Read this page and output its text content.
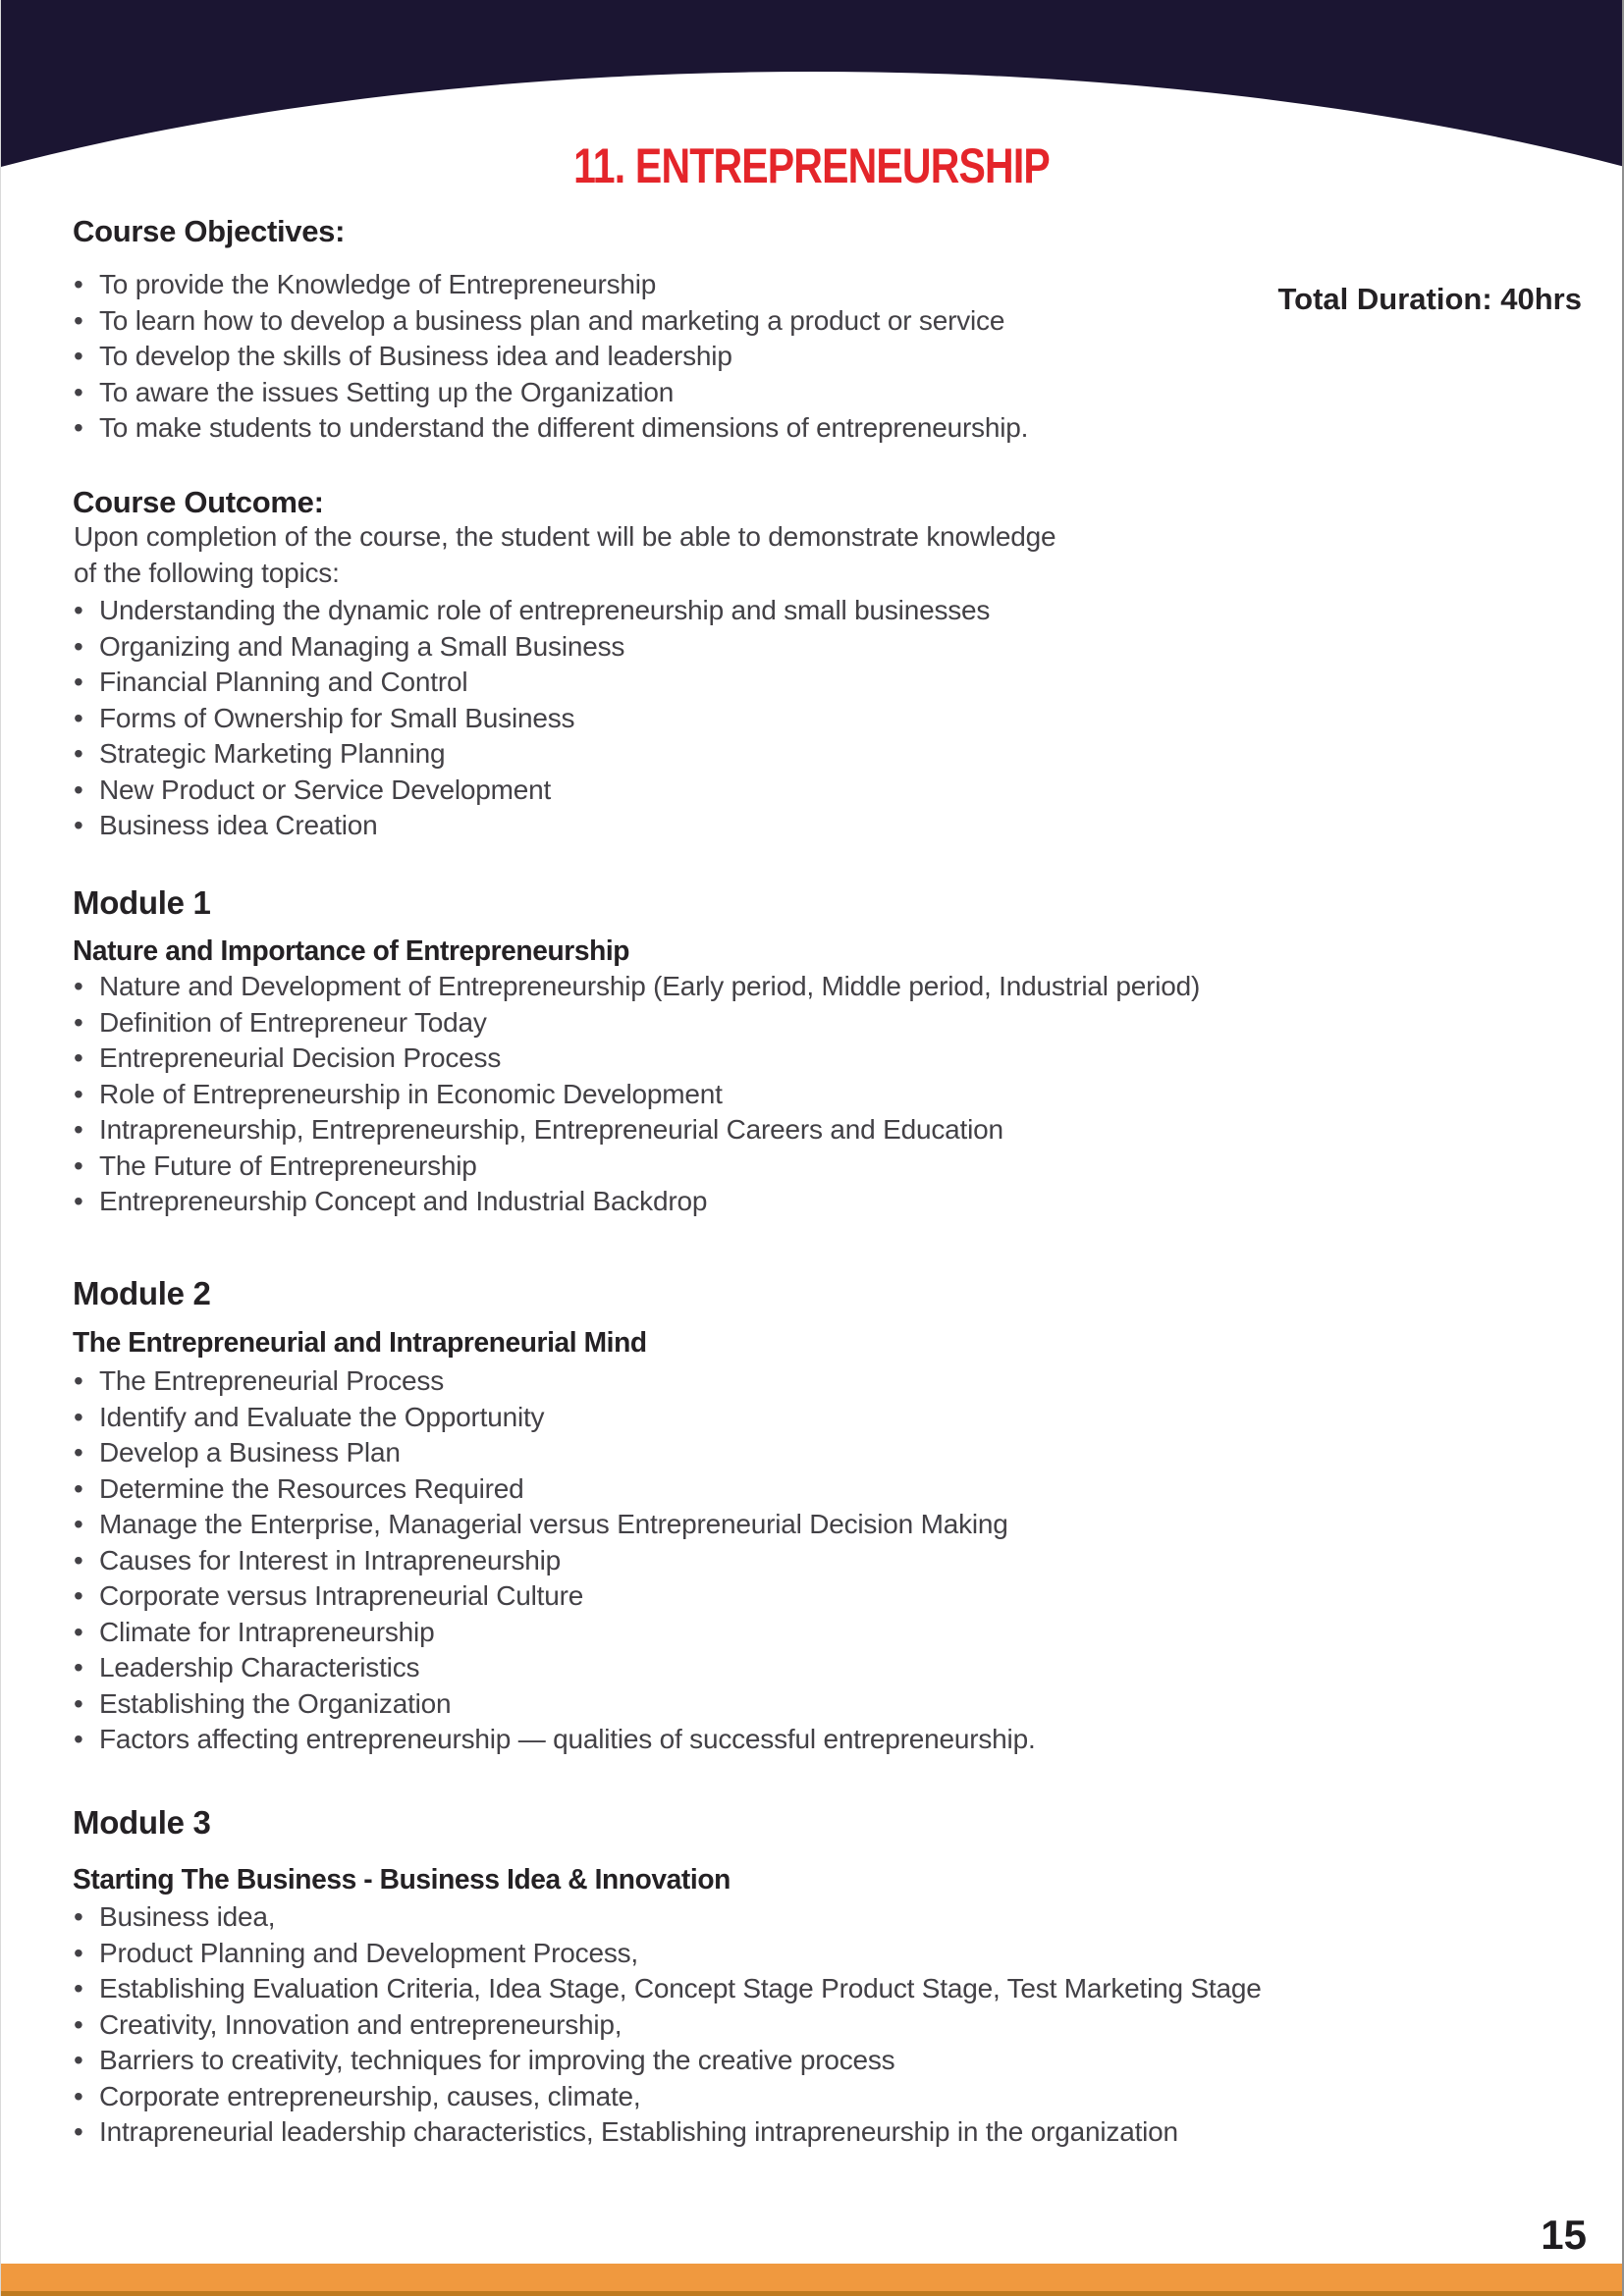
11. ENTREPRENEURSHIP
Course Objectives:
• To provide the Knowledge of Entrepreneurship
• To learn how to develop a business plan and marketing a product or service
• To develop the skills of Business idea and leadership
• To aware the issues Setting up the Organization
• To make students to understand the different dimensions of entrepreneurship.
Total Duration: 40hrs
Course Outcome:
Upon completion of the course, the student will be able to demonstrate knowledge
of the following topics:
• Understanding the dynamic role of entrepreneurship and small businesses
• Organizing and Managing a Small Business
• Financial Planning and Control
• Forms of Ownership for Small Business
• Strategic Marketing Planning
• New Product or Service Development
• Business idea Creation
Module 1
Nature and Importance of Entrepreneurship
• Nature and Development of Entrepreneurship (Early period, Middle period, Industrial period)
• Definition of Entrepreneur Today
• Entrepreneurial Decision Process
• Role of Entrepreneurship in Economic Development
• Intrapreneurship, Entrepreneurship, Entrepreneurial Careers and Education
• The Future of Entrepreneurship
• Entrepreneurship Concept and Industrial Backdrop
Module 2
The Entrepreneurial and Intrapreneurial Mind
• The Entrepreneurial Process
• Identify and Evaluate the Opportunity
• Develop a Business Plan
• Determine the Resources Required
• Manage the Enterprise, Managerial versus Entrepreneurial Decision Making
• Causes for Interest in Intrapreneurship
• Corporate versus Intrapreneurial Culture
• Climate for Intrapreneurship
• Leadership Characteristics
• Establishing the Organization
• Factors affecting entrepreneurship — qualities of successful entrepreneurship.
Module 3
Starting The Business - Business Idea & Innovation
• Business idea,
• Product Planning and Development Process,
• Establishing Evaluation Criteria, Idea Stage, Concept Stage Product Stage, Test Marketing Stage
• Creativity, Innovation and entrepreneurship,
• Barriers to creativity, techniques for improving the creative process
• Corporate entrepreneurship, causes, climate,
• Intrapreneurial leadership characteristics, Establishing intrapreneurship in the organization
15
